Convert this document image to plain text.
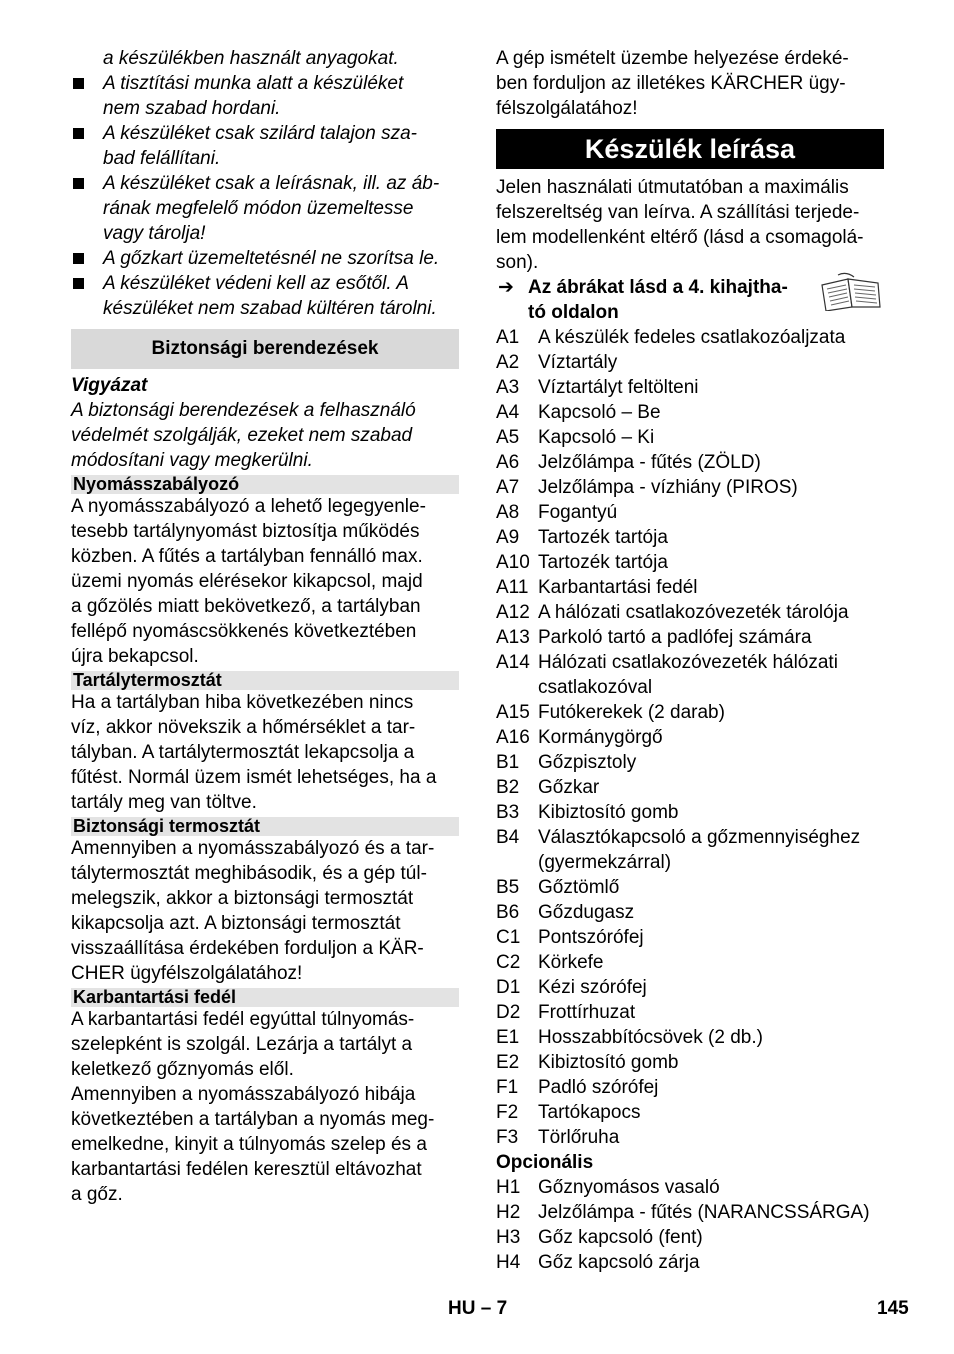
a készülékben használt anyagokat.
A tisztítási munka alatt a készüléket
nem szabad hordani.
A készüléket csak szilárd talajon sza-
bad felállítani.
A készüléket csak a leírásnak, ill. az áb-
rának megfelelő módon üzemeltesse
vagy tárolja!
A gőzkart üzemeltetésnél ne szorítsa le.
A készüléket védeni kell az esőtől. A
készüléket nem szabad kültéren tárolni.
Biztonsági berendezések
Vigyázat
A biztonsági berendezések a felhasználó
védelmét szolgálják, ezeket nem szabad
módosítani vagy megkerülni.
Nyomásszabályozó
A nyomásszabályozó a lehető legegyenle-
tesebb tartálynyomást biztosítja működés
közben. A fűtés a tartályban fennálló max.
üzemi nyomás elérésekor kikapcsol, majd
a gőzölés miatt bekövetkező, a tartályban
fellépő nyomáscsökkenés következtében
újra bekapcsol.
Tartálytermosztát
Ha a tartályban hiba következében nincs
víz, akkor növekszik a hőmérséklet a tar-
tályban. A tartálytermosztát lekapcsolja a
fűtést. Normál üzem ismét lehetséges, ha a
tartály meg van töltve.
Biztonsági termosztát
Amennyiben a nyomásszabályozó és a tar-
tálytermosztát meghibásodik, és a gép túl-
melegszik, akkor a biztonsági termosztát
kikapcsolja azt. A biztonsági termosztát
visszaállítása érdekében forduljon a KÄR-
CHER ügyfélszolgálatához!
Karbantartási fedél
A karbantartási fedél egyúttal túlnyomás-
szelepként is szolgál. Lezárja a tartályt a
keletkező gőznyomás elől.
Amennyiben a nyomásszabályozó hibája
következtében a tartályban a nyomás meg-
emelkedne, kinyit a túlnyomás szelep és a
karbantartási fedélen keresztül eltávozhat
a gőz.
A gép ismételt üzembe helyezése érdeké-
ben forduljon az illetékes KÄRCHER ügy-
félszolgálatához!
Készülék leírása
Jelen használati útmutatóban a maximális
felszereltség van leírva. A szállítási terjede-
lem modellenként eltérő (lásd a csomagolá-
son).
➔ Az ábrákat lásd a 4. kihajtha-
tó oldalon
A1 A készülék fedeles csatlakozóaljzata
A2 Víztartály
A3 Víztartályt feltölteni
A4 Kapcsoló – Be
A5 Kapcsoló – Ki
A6 Jelzőlámpa - fűtés (ZÖLD)
A7 Jelzőlámpa - vízhiány (PIROS)
A8 Fogantyú
A9 Tartozék tartója
A10 Tartozék tartója
A11 Karbantartási fedél
A12 A hálózati csatlakozóvezeték tárolója
A13 Parkoló tartó a padlófej számára
A14 Hálózati csatlakozóvezeték hálózati
csatlakozóval
A15 Futókerekek (2 darab)
A16 Kormánygörgő
B1 Gőzpisztoly
B2 Gőzkar
B3 Kibiztosító gomb
B4 Választókapcsoló a gőzmennyiséghez
(gyermekzárral)
B5 Gőztömlő
B6 Gőzdugasz
C1 Pontszórófej
C2 Körkefe
D1 Kézi szórófej
D2 Frottírhuzat
E1 Hosszabbítócsövek (2 db.)
E2 Kibiztosító gomb
F1 Padló szórófej
F2 Tartókapocs
F3 Törlőruha
Opcionális
H1 Gőznyomásos vasaló
H2 Jelzőlámpa - fűtés (NARANCSSÁRGA)
H3 Gőz kapcsoló (fent)
H4 Gőz kapcsoló zárja
HU – 7	145
